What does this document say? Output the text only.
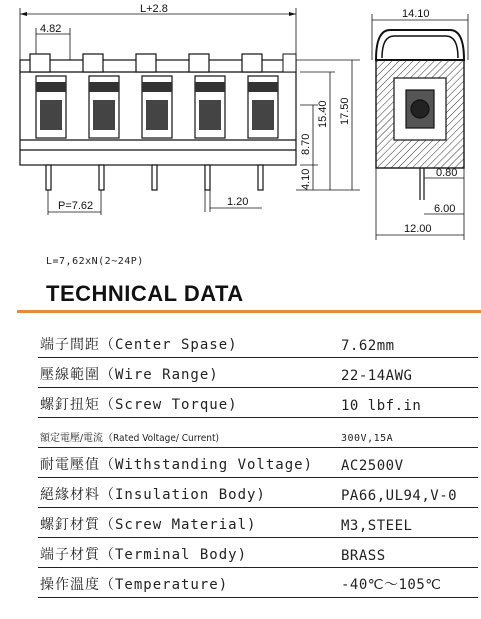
L+2.8
4.82
P=7.62	1.20
17.50
15.40
8.70
4.10
14.10
0.80
6.00
12.00
L=7,62xN(2~24P)
TECHNICAL DATA
端子間距（Center Spase)	7.62mm
壓線範圍（Wire Range)	22-14AWG
螺釘扭矩（Screw Torque)	10 lbf.in
額定電壓/電流（Rated Voltage/ Current)	300V,15A
耐電壓值（Withstanding Voltage) AC2500V
絕緣材料（Insulation Body)	PA66,UL94,V-0
螺釘材質（Screw Material)	M3,STEEL
端子材質（Terminal Body)	BRASS
操作溫度（Temperature)	-40℃～105℃
